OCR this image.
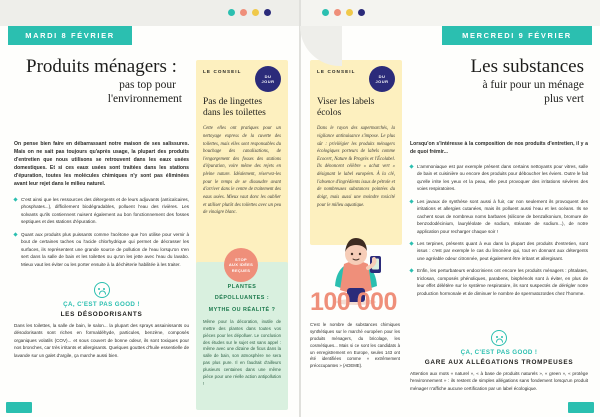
MARDI 8 FÉVRIER
Produits ménagers :
pas top pour
l'environnement
On pense bien faire en débarrassant notre maison de ses salissures. Mais on ne sait pas toujours qu'après usage, la plupart des produits d'entretien que nous utilisons se retrouvent dans les eaux usées domestiques. Et si ces eaux usées sont traitées dans les stations d'épuration, toutes les molécules chimiques n'y sont pas éliminées avant leur rejet dans le milieu naturel.
C'est ainsi que les ressources des détergents et de leurs adjuvants (anticalcaires, phosphates...), difficilement biodégradables, polluent l'eau des rivières. Les solvants qu'ils contiennent nuisent également au bon fonctionnement des fosses septiques et des stations d'épuration.
Quant aux produits plus puissants comme l'acétone que l'on utilise pour vernir à bout de certaines taches ou l'acide chlorhydrique qui permet de décrasser les surfaces, ils représentent une grande source de pollution de l'eau lorsqu'on s'en sert dans la salle de bain et les toilettes ou qu'on les jette avec l'eau du lavabo. Mieux vaut les éviter ou les porter ensuite à la déchèterie habilitée à les traiter.
ÇA, C'EST PAS GOOD !
LES DÉSODORISANTS
Dans les toilettes, la salle de bain, le salon... la plupart des sprays assainissants ou désodorisants sont riches en formaldéhyde, particules, benzène, composés organiques volatils (COV)... et sous couvert de bonne odeur, ils sont toxiques pour nos bronches, car très irritants et allergisants. Quelques gouttes d'huile essentielle de lavande sur un galet d'argile, ça marche aussi bien.
LE CONSEIL
DU
JOUR
Pas de lingettes
dans les toilettes
Cette elles ont pratiques pour un nettoyage express de la cuvette des toilettes, mais elles sont responsables du bouchage des canalisations, de l'engorgement des fosses des stations d'épuration, voire même des rejets en pleine nature. Idéalement, réservez-les pour le temps de se dissoudre avant d'arriver dans le centre de traitement des eaux usées. Mieux vaut donc les oublier et utiliser plutôt des toilettes avec un peu de vinaigre blanc.
MERCREDI 9 FÉVRIER
Les substances
à fuir pour un ménage
plus vert
Lorsqu'on s'intéresse à la composition de nos produits d'entretien, il y a de quoi frémir...
L'ammoniaque est par exemple présent dans certains nettoyants pour vitres, salle de bain et cuisinière ou encore des produits pour déboucher les éviers. Outre le fait qu'elle irrite les yeux et la peau, elle peut provoquer des irritations sévères des voies respiratoires.
Les javaux de synthèse sont aussi à fuir, car non seulement ils provoquent des irritations et allergies cutanées, mais ils polluent aussi l'eau et les océans. Ils se cachent sous de nombreux noms barbares (silicone de benzalkonium, bromure de benzododécinium, lauryléolate de sodium, stéarate de sodium...), de notre application pour recharger chaque soir !
Les terpines, présents quant à eux dans la plupart des produits d'entretien, sont issus : c'est par exemple le cas du limonène qui, tout en donnant aux détergents une agréable odeur citronnée, peut également être irritant et allergisant.
Enfin, les perturbateurs endocriniens ont encore les produits ménagers : phtalates, triclosan, composés phénoliques, parabens, bisphénols sont à éviter, en plus de leur effet délétère sur le système respiratoire, ils sont suspectés de dérégler notre production hormonale et de diminuer le nombre de spermatozoïdes chez l'homme.
ÇA, C'EST PAS GOOD !
GARE AUX ALLÉGATIONS TROMPEUSES
Attention aux mots « naturel », « à base de produits naturels », « green », « protège l'environnement » : ils restent de simples allégations sans fondement lorsqu'un produit ménager n'affiche aucune certification par un label écologique.
LE CONSEIL
DU
JOUR
Viser les labels
écolos
Dans le rayon des supermarchés, la vigilance antinuisance s'impose. Le plus sûr : privilégier les produits ménagers écologiques porteurs de labels comme Ecocert, Nature & Progrès et l'Écolabel. Ils dénoncent célèbre « achat vert » désignant le label européen. À la clé, l'absence d'ingrédients issus de pétrole et de nombreuses substances pointées du doigt, mais aussi une moindre toxicité pour le milieu aquatique.
100 000
C'est le nombre de substances chimiques synthétiques sur le marché européen pour les produits ménagers, du bricolage, les cosmétiques... Mais si ce sont les candidats à un enregistrement en Europe, seules 143 ont été identifiées comme « extrêmement préoccupantes » (ADEME).
PLANTES
DÉPOLLUANTES :
MYTHE OU RÉALITÉ ?
Même pour la décoration, inutile de mettre des plantes dans toutes vos pièces pour les dépolluer. Le conclusion des études sur le sujet est sans appel : même avec une dizaine de ficus dans la salle de bain, son atmosphère ne sera pas plus pure. Il en faudrait d'ailleurs plusieurs centaines dans une même pièce pour une réelle action antipollution !
STOP
AUX IDÉES
REÇUES
